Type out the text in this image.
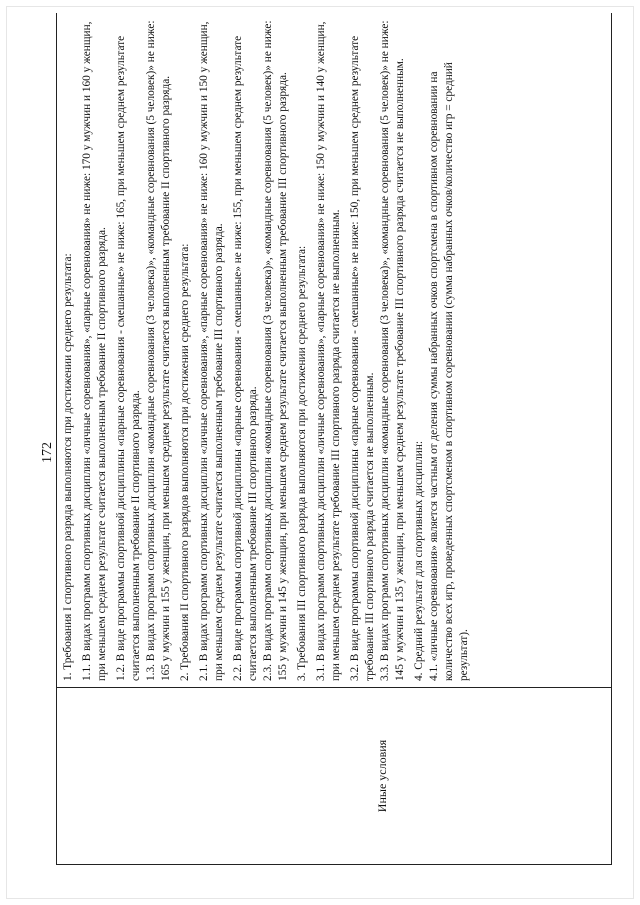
172
Иные условия

1. Требования I спортивного разряда выполняются при достижении среднего результата: 1.1. В видах программ спортивных дисциплин «личные соревнования», «парные соревнования» не ниже: 170 у мужчин и 160 у женщин, при меньшем среднем результате считается выполненным требование II спортивного разряда. 1.2. В виде программы спортивной дисциплины «парные соревнования - смешанные» не ниже: 165, при меньшем среднем результате считается выполненным требование II спортивного разряда. 1.3. В видах программ спортивных дисциплин «командные соревнования (3 человека)», «командные соревнования (5 человек)» не ниже: 165 у мужчин и 155 у женщин, при меньшем среднем результате считается выполненным требование II спортивного разряда. 2. Требования II спортивного разрядов выполняются при достижении среднего результата: 2.1. В видах программ спортивных дисциплин «личные соревнования», «парные соревнования» не ниже: 160 у мужчин и 150 у женщин, при меньшем среднем результате считается выполненным требование III спортивного разряда. 2.2. В виде программы спортивной дисциплины «парные соревнования - смешанные» не ниже: 155, при меньшем среднем результате считается выполненным требование III спортивного разряда. 2.3. В видах программ спортивных дисциплин «командные соревнования (3 человека)», «командные соревнования (5 человек)» не ниже: 155 у мужчин и 145 у женщин, при меньшем среднем результате считается выполненным требование III спортивного разряда. 3. Требования III спортивного разряда выполняются при достижении среднего результата: 3.1. В видах программ спортивных дисциплин «личные соревнования», «парные соревнования» не ниже: 150 у мужчин и 140 у женщин, при меньшем среднем результате требование III спортивного разряда считается не выполненным. 3.2. В виде программы спортивной дисциплины «парные соревнования - смешанные» не ниже: 150, при меньшем среднем результате требование III спортивного разряда считается не выполненным. 3.3. В видах программ спортивных дисциплин «командные соревнования (3 человека)», «командные соревнования (5 человек)» не ниже: 145 у мужчин и 135 у женщин, при меньшем среднем результате требование III спортивного разряда считается не выполненным. 4. Средний результат для спортивных дисциплин: 4.1. «личные соревнования» является частным от деления суммы набранных очков спортсмена в спортивном соревновании на количество всех игр, проведенных спортсменом в спортивном соревновании (сумма набранных очков/количество игр = средний результат).
